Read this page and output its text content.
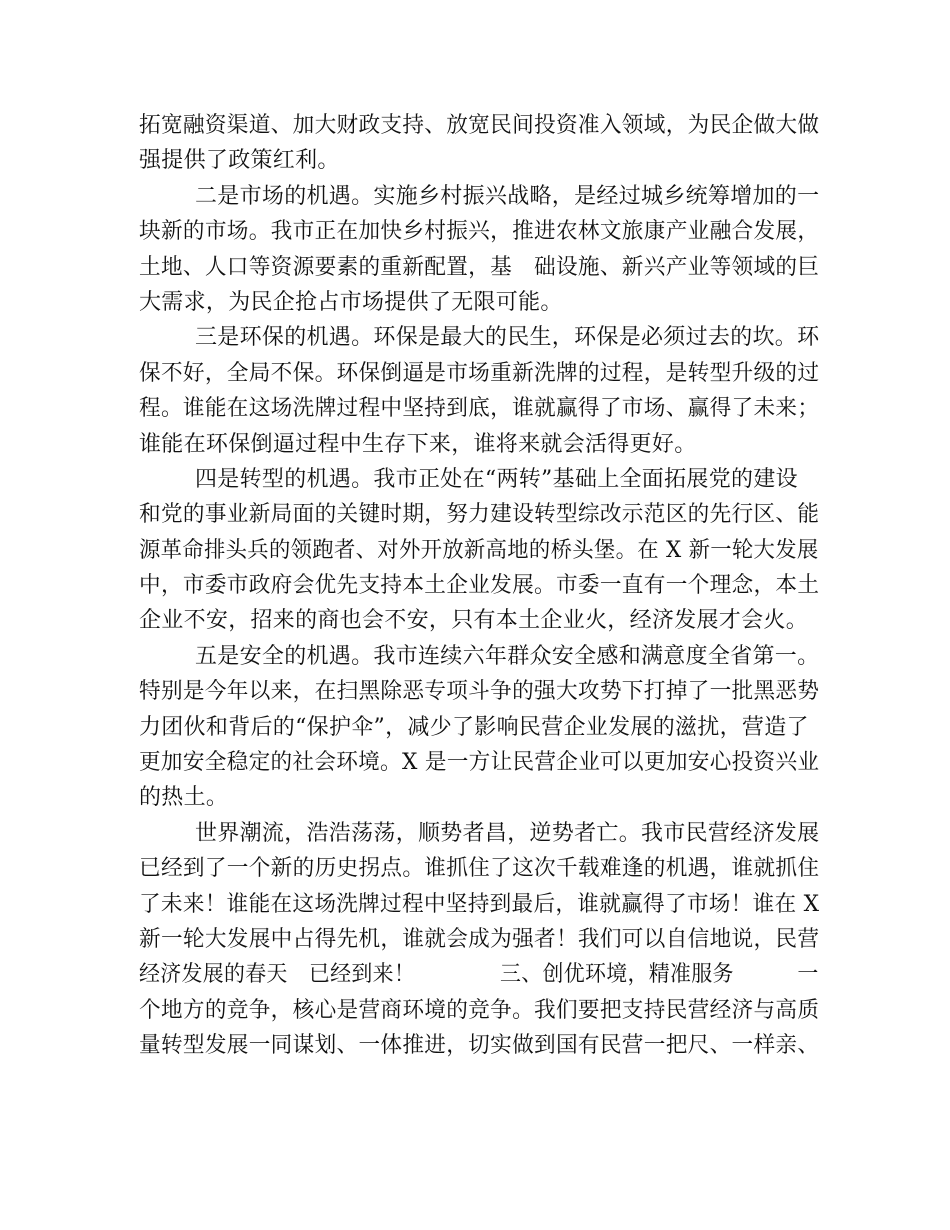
拓宽融资渠道、加大财政支持、放宽民间投资准入领域，为民企做大做
强提供了政策红利。
二是市场的机遇。实施乡村振兴战略，是经过城乡统筹增加的一
块新的市场。我市正在加快乡村振兴，推进农林文旅康产业融合发展，
土地、人口等资源要素的重新配置，基　础设施、新兴产业等领域的巨
大需求，为民企抢占市场提供了无限可能。
三是环保的机遇。环保是最大的民生，环保是必须过去的坎。环
保不好，全局不保。环保倒逼是市场重新洗牌的过程，是转型升级的过
程。谁能在这场洗牌过程中坚持到底，谁就赢得了市场、赢得了未来；
谁能在环保倒逼过程中生存下来，谁将来就会活得更好。
四是转型的机遇。我市正处在“两转”基础上全面拓展党的建设
和党的事业新局面的关键时期，努力建设转型综改示范区的先行区、能
源革命排头兵的领跑者、对外开放新高地的桥头堡。在 X 新一轮大发展
中，市委市政府会优先支持本土企业发展。市委一直有一个理念，本土
企业不安，招来的商也会不安，只有本土企业火，经济发展才会火。
五是安全的机遇。我市连续六年群众安全感和满意度全省第一。
特别是今年以来，在扫黑除恶专项斗争的强大攻势下打掉了一批黑恶势
力团伙和背后的“保护伞”，减少了影响民营企业发展的滋扰，营造了
更加安全稳定的社会环境。X 是一方让民营企业可以更加安心投资兴业
的热土。
世界潮流，浩浩荡荡，顺势者昌，逆势者亡。我市民营经济发展
已经到了一个新的历史拐点。谁抓住了这次千载难逢的机遇，谁就抓住
了未来！谁能在这场洗牌过程中坚持到最后，谁就赢得了市场！谁在 X
新一轮大发展中占得先机，谁就会成为强者！我们可以自信地说，民营
经济发展的春天　已经到来！　　　　三、创优环境，精准服务　　　一
个地方的竞争，核心是营商环境的竞争。我们要把支持民营经济与高质
量转型发展一同谋划、一体推进，切实做到国有民营一把尺、一样亲、
